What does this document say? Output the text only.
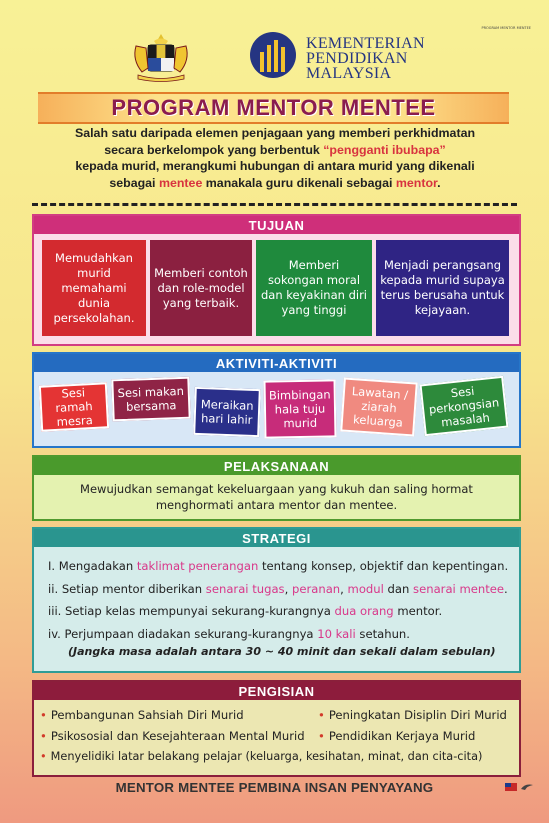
PROGRAM MENTOR MENTEE
KEMENTERIAN
PENDIDIKAN
MALAYSIA
PROGRAM MENTOR MENTEE
Salah satu daripada elemen penjagaan yang memberi perkhidmatan
secara berkelompok yang berbentuk “pengganti ibubapa”
kepada murid, merangkumi hubungan di antara murid yang dikenali
sebagai mentee manakala guru dikenali sebagai mentor.
TUJUAN
Memudahkan murid memahami dunia persekolahan.
Memberi contoh dan role-model yang terbaik.
Memberi sokongan moral dan keyakinan diri yang tinggi
Menjadi perangsang kepada murid supaya terus berusaha untuk kejayaan.
AKTIVITI-AKTIVITI
Sesi ramah mesra
Sesi makan bersama	Meraikan hari lahir
Bimbingan hala tuju murid
Lawatan / ziarah keluarga
Sesi perkongsian masalah
PELAKSANAAN
Mewujudkan semangat kekeluargaan yang kukuh dan saling hormat
menghormati antara mentor dan mentee.
STRATEGI
I. Mengadakan taklimat penerangan tentang konsep, objektif dan kepentingan.
ii. Setiap mentor diberikan senarai tugas, peranan, modul dan senarai mentee.
iii. Setiap kelas mempunyai sekurang-kurangnya dua orang mentor.
iv. Perjumpaan diadakan sekurang-kurangnya 10 kali setahun.
(Jangka masa adalah antara 30 ~ 40 minit dan sekali dalam sebulan)
PENGISIAN
• Pembangunan Sahsiah Diri Murid	• Peningkatan Disiplin Diri Murid
• Psikososial dan Kesejahteraan Mental Murid • Pendidikan Kerjaya Murid
• Menyelidiki latar belakang pelajar (keluarga, kesihatan, minat, dan cita-cita)
MENTOR MENTEE PEMBINA INSAN PENYAYANG
